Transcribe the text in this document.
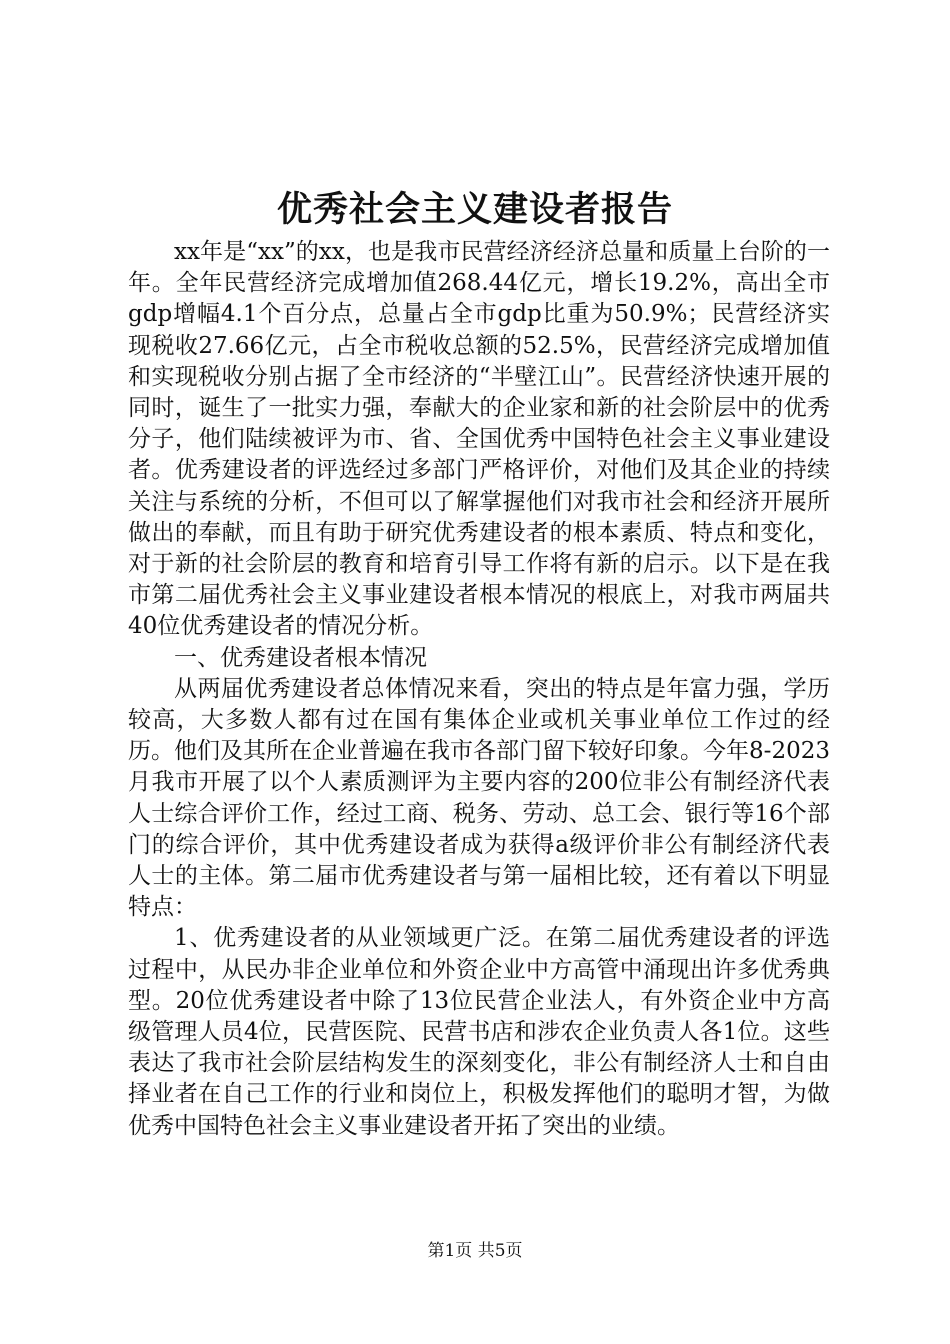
优秀社会主义建设者报告

xx年是“xx”的xx，也是我市民营经济经济总量和质量上台阶的一年。全年民营经济完成增加值268.44亿元，增长19.2%，高出全市gdp增幅4.1个百分点，总量占全市gdp比重为50.9%；民营经济实现税收27.66亿元，占全市税收总额的52.5%，民营经济完成增加值和实现税收分别占据了全市经济的“半壁江山”。民营经济快速开展的同时，诞生了一批实力强，奉献大的企业家和新的社会阶层中的优秀分子，他们陆续被评为市、省、全国优秀中国特色社会主义事业建设者。优秀建设者的评选经过多部门严格评价，对他们及其企业的持续关注与系统的分析，不但可以了解掌握他们对我市社会和经济开展所做出的奉献，而且有助于研究优秀建设者的根本素质、特点和变化，对于新的社会阶层的教育和培育引导工作将有新的启示。以下是在我市第二届优秀社会主义事业建设者根本情况的根底上，对我市两届共40位优秀建设者的情况分析。

一、优秀建设者根本情况

从两届优秀建设者总体情况来看，突出的特点是年富力强，学历较高，大多数人都有过在国有集体企业或机关事业单位工作过的经历。他们及其所在企业普遍在我市各部门留下较好印象。今年8-2023月我市开展了以个人素质测评为主要内容的200位非公有制经济代表人士综合评价工作，经过工商、税务、劳动、总工会、银行等16个部门的综合评价，其中优秀建设者成为获得a级评价非公有制经济代表人士的主体。第二届市优秀建设者与第一届相比较，还有着以下明显特点：

1、优秀建设者的从业领域更广泛。在第二届优秀建设者的评选过程中，从民办非企业单位和外资企业中方高管中涌现出许多优秀典型。20位优秀建设者中除了13位民营企业法人，有外资企业中方高级管理人员4位，民营医院、民营书店和涉农企业负责人各1位。这些表达了我市社会阶层结构发生的深刻变化，非公有制经济人士和自由择业者在自己工作的行业和岗位上，积极发挥他们的聪明才智，为做优秀中国特色社会主义事业建设者开拓了突出的业绩。

第1页 共5页
